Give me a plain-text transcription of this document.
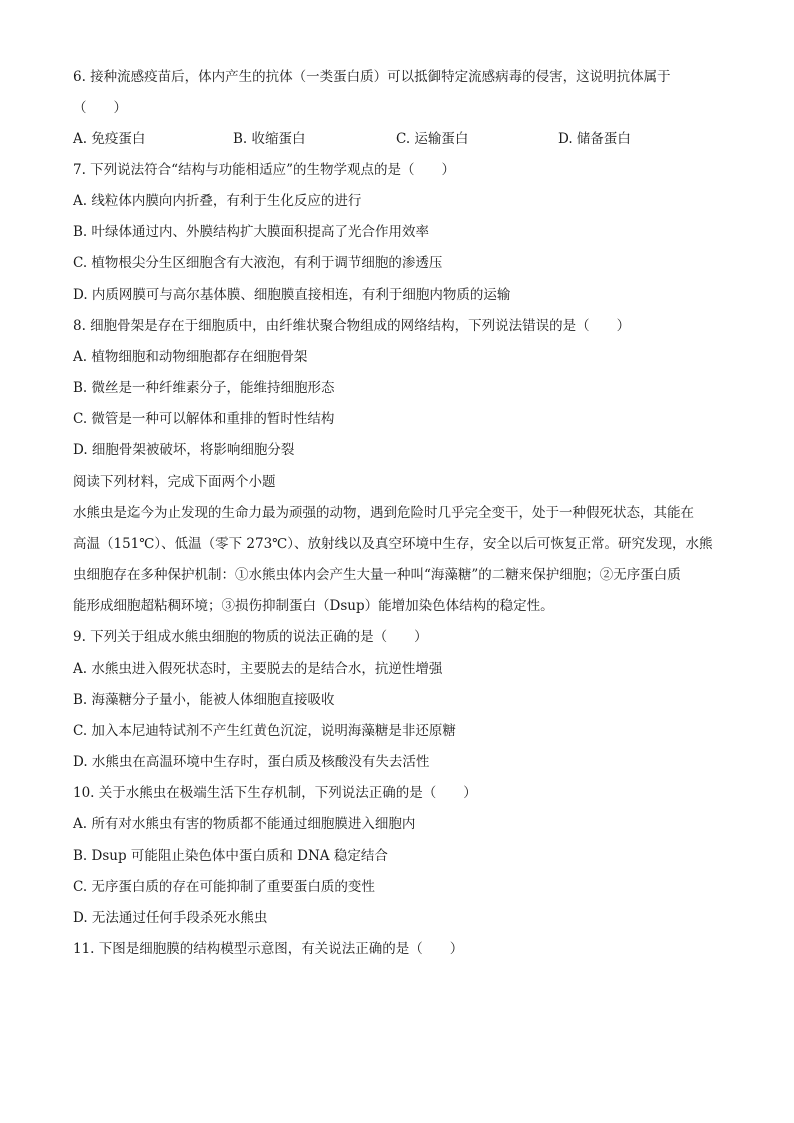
6. 接种流感疫苗后，体内产生的抗体（一类蛋白质）可以抵御特定流感病毒的侵害，这说明抗体属于
（　　）
A. 免疫蛋白	B. 收缩蛋白	C. 运输蛋白	D. 储备蛋白
7. 下列说法符合“结构与功能相适应”的生物学观点的是（　　）
A. 线粒体内膜向内折叠，有利于生化反应的进行
B. 叶绿体通过内、外膜结构扩大膜面积提高了光合作用效率
C. 植物根尖分生区细胞含有大液泡，有利于调节细胞的渗透压
D. 内质网膜可与高尔基体膜、细胞膜直接相连，有利于细胞内物质的运输
8. 细胞骨架是存在于细胞质中，由纤维状聚合物组成的网络结构，下列说法错误的是（　　）
A. 植物细胞和动物细胞都存在细胞骨架
B. 微丝是一种纤维素分子，能维持细胞形态
C. 微管是一种可以解体和重排的暂时性结构
D. 细胞骨架被破坏，将影响细胞分裂
阅读下列材料，完成下面两个小题
水熊虫是迄今为止发现的生命力最为顽强的动物，遇到危险时几乎完全变干，处于一种假死状态，其能在
高温（151℃）、低温（零下 273℃）、放射线以及真空环境中生存，安全以后可恢复正常。研究发现，水熊
虫细胞存在多种保护机制：①水熊虫体内会产生大量一种叫“海藻糖”的二糖来保护细胞；②无序蛋白质
能形成细胞超粘稠环境；③损伤抑制蛋白（Dsup）能增加染色体结构的稳定性。
9. 下列关于组成水熊虫细胞的物质的说法正确的是（　　）
A. 水熊虫进入假死状态时，主要脱去的是结合水，抗逆性增强
B. 海藻糖分子量小，能被人体细胞直接吸收
C. 加入本尼迪特试剂不产生红黄色沉淀，说明海藻糖是非还原糖
D. 水熊虫在高温环境中生存时，蛋白质及核酸没有失去活性
10. 关于水熊虫在极端生活下生存机制，下列说法正确的是（　　）
A. 所有对水熊虫有害的物质都不能通过细胞膜进入细胞内
B. Dsup 可能阻止染色体中蛋白质和 DNA 稳定结合
C. 无序蛋白质的存在可能抑制了重要蛋白质的变性
D. 无法通过任何手段杀死水熊虫
11. 下图是细胞膜的结构模型示意图，有关说法正确的是（　　）
